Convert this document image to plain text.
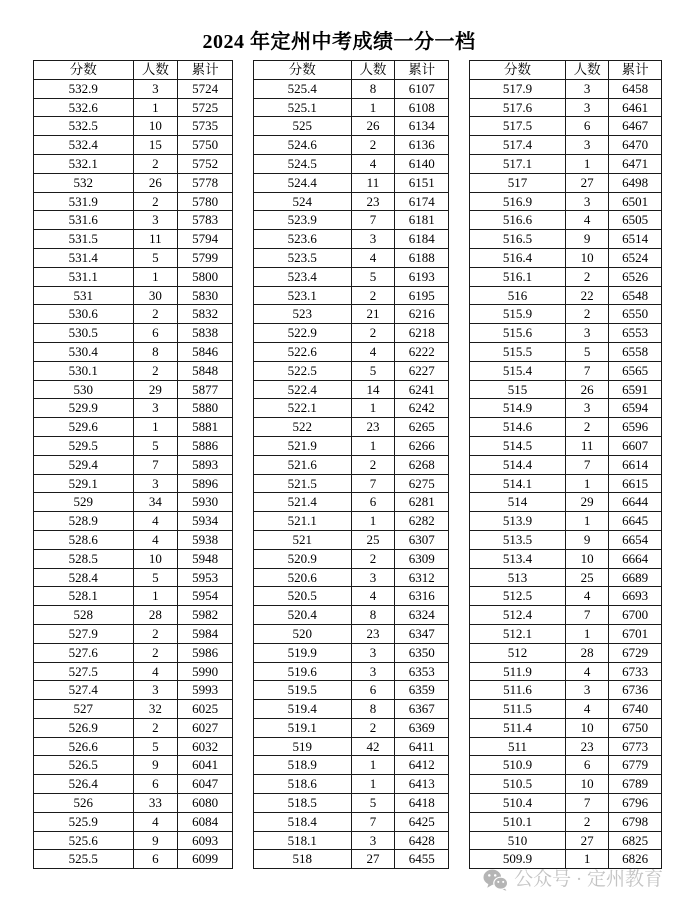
2024 年定州中考成绩一分一档
分数	人数	累计
532.9	3	5724
532.6	1	5725
532.5	10	5735
532.4	15	5750
532.1	2	5752
532	26	5778
531.9	2	5780
531.6	3	5783
531.5	11	5794
531.4	5	5799
531.1	1	5800
531	30	5830
530.6	2	5832
530.5	6	5838
530.4	8	5846
530.1	2	5848
530	29	5877
529.9	3	5880
529.6	1	5881
529.5	5	5886
529.4	7	5893
529.1	3	5896
529	34	5930
528.9	4	5934
528.6	4	5938
528.5	10	5948
528.4	5	5953
528.1	1	5954
528	28	5982
527.9	2	5984
527.6	2	5986
527.5	4	5990
527.4	3	5993
527	32	6025
526.9	2	6027
526.6	5	6032
526.5	9	6041
526.4	6	6047
526	33	6080
525.9	4	6084
525.6	9	6093
525.5	6	6099
分数	人数	累计
525.4	8	6107
525.1	1	6108
525	26	6134
524.6	2	6136
524.5	4	6140
524.4	11	6151
524	23	6174
523.9	7	6181
523.6	3	6184
523.5	4	6188
523.4	5	6193
523.1	2	6195
523	21	6216
522.9	2	6218
522.6	4	6222
522.5	5	6227
522.4	14	6241
522.1	1	6242
522	23	6265
521.9	1	6266
521.6	2	6268
521.5	7	6275
521.4	6	6281
521.1	1	6282
521	25	6307
520.9	2	6309
520.6	3	6312
520.5	4	6316
520.4	8	6324
520	23	6347
519.9	3	6350
519.6	3	6353
519.5	6	6359
519.4	8	6367
519.1	2	6369
519	42	6411
518.9	1	6412
518.6	1	6413
518.5	5	6418
518.4	7	6425
518.1	3	6428
518	27	6455
分数	人数	累计
517.9	3	6458
517.6	3	6461
517.5	6	6467
517.4	3	6470
517.1	1	6471
517	27	6498
516.9	3	6501
516.6	4	6505
516.5	9	6514
516.4	10	6524
516.1	2	6526
516	22	6548
515.9	2	6550
515.6	3	6553
515.5	5	6558
515.4	7	6565
515	26	6591
514.9	3	6594
514.6	2	6596
514.5	11	6607
514.4	7	6614
514.1	1	6615
514	29	6644
513.9	1	6645
513.5	9	6654
513.4	10	6664
513	25	6689
512.5	4	6693
512.4	7	6700
512.1	1	6701
512	28	6729
511.9	4	6733
511.6	3	6736
511.5	4	6740
511.4	10	6750
511	23	6773
510.9	6	6779
510.5	10	6789
510.4	7	6796
510.1	2	6798
510	27	6825
509.9	1	6826
公众号 · 定州教育
